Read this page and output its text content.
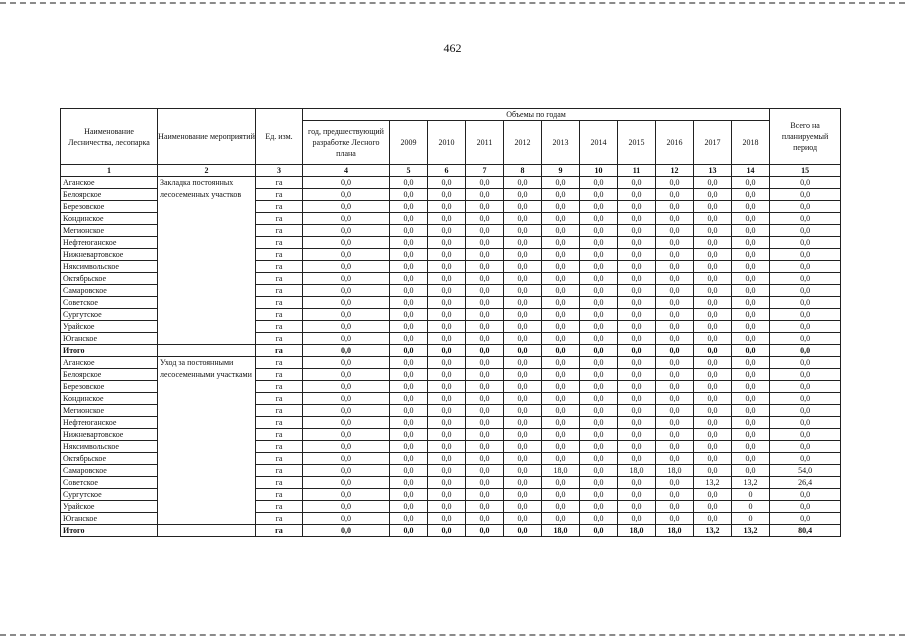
462
Наименование Лесничества, лесопарка	Наименование мероприятий	Ед. изм.	Объемы по годам											Всего на планируемый период
			год, предшествующий разработке Лесного плана	2009	2010	2011	2012	2013	2014	2015	2016	2017	2018	
1	2	3	4	5	6	7	8	9	10	11	12	13	14	15
Аганское	Закладка постоянных лесосеменных участков	га	0,0	0,0	0,0	0,0	0,0	0,0	0,0	0,0	0,0	0,0	0,0	0,0
Белоярское		га	0,0	0,0	0,0	0,0	0,0	0,0	0,0	0,0	0,0	0,0	0,0	0,0
Березовское		га	0,0	0,0	0,0	0,0	0,0	0,0	0,0	0,0	0,0	0,0	0,0	0,0
Кондинское		га	0,0	0,0	0,0	0,0	0,0	0,0	0,0	0,0	0,0	0,0	0,0	0,0
Мегионское		га	0,0	0,0	0,0	0,0	0,0	0,0	0,0	0,0	0,0	0,0	0,0	0,0
Нефтеюганское		га	0,0	0,0	0,0	0,0	0,0	0,0	0,0	0,0	0,0	0,0	0,0	0,0
Нижневартовское		га	0,0	0,0	0,0	0,0	0,0	0,0	0,0	0,0	0,0	0,0	0,0	0,0
Няксимвольское		га	0,0	0,0	0,0	0,0	0,0	0,0	0,0	0,0	0,0	0,0	0,0	0,0
Октябрьское		га	0,0	0,0	0,0	0,0	0,0	0,0	0,0	0,0	0,0	0,0	0,0	0,0
Самаровское		га	0,0	0,0	0,0	0,0	0,0	0,0	0,0	0,0	0,0	0,0	0,0	0,0
Советское		га	0,0	0,0	0,0	0,0	0,0	0,0	0,0	0,0	0,0	0,0	0,0	0,0
Сургутское		га	0,0	0,0	0,0	0,0	0,0	0,0	0,0	0,0	0,0	0,0	0,0	0,0
Урайское		га	0,0	0,0	0,0	0,0	0,0	0,0	0,0	0,0	0,0	0,0	0,0	0,0
Юганское		га	0,0	0,0	0,0	0,0	0,0	0,0	0,0	0,0	0,0	0,0	0,0	0,0
Итого		га	0,0	0,0	0,0	0,0	0,0	0,0	0,0	0,0	0,0	0,0	0,0	0,0
Аганское	Уход за постоянными лесосеменными участками	га	0,0	0,0	0,0	0,0	0,0	0,0	0,0	0,0	0,0	0,0	0,0	0,0
Белоярское		га	0,0	0,0	0,0	0,0	0,0	0,0	0,0	0,0	0,0	0,0	0,0	0,0
Березовское		га	0,0	0,0	0,0	0,0	0,0	0,0	0,0	0,0	0,0	0,0	0,0	0,0
Кондинское		га	0,0	0,0	0,0	0,0	0,0	0,0	0,0	0,0	0,0	0,0	0,0	0,0
Мегионское		га	0,0	0,0	0,0	0,0	0,0	0,0	0,0	0,0	0,0	0,0	0,0	0,0
Нефтеюганское		га	0,0	0,0	0,0	0,0	0,0	0,0	0,0	0,0	0,0	0,0	0,0	0,0
Нижневартовское		га	0,0	0,0	0,0	0,0	0,0	0,0	0,0	0,0	0,0	0,0	0,0	0,0
Няксимвольское		га	0,0	0,0	0,0	0,0	0,0	0,0	0,0	0,0	0,0	0,0	0,0	0,0
Октябрьское		га	0,0	0,0	0,0	0,0	0,0	0,0	0,0	0,0	0,0	0,0	0,0	0,0
Самаровское		га	0,0	0,0	0,0	0,0	0,0	18,0	0,0	18,0	18,0	0,0	0,0	54,0
Советское		га	0,0	0,0	0,0	0,0	0,0	0,0	0,0	0,0	0,0	13,2	13,2	26,4
Сургутское		га	0,0	0,0	0,0	0,0	0,0	0,0	0,0	0,0	0,0	0,0	0	0,0
Урайское		га	0,0	0,0	0,0	0,0	0,0	0,0	0,0	0,0	0,0	0,0	0	0,0
Юганское		га	0,0	0,0	0,0	0,0	0,0	0,0	0,0	0,0	0,0	0,0	0	0,0
Итого		га	0,0	0,0	0,0	0,0	0,0	18,0	0,0	18,0	18,0	13,2	13,2	80,4
